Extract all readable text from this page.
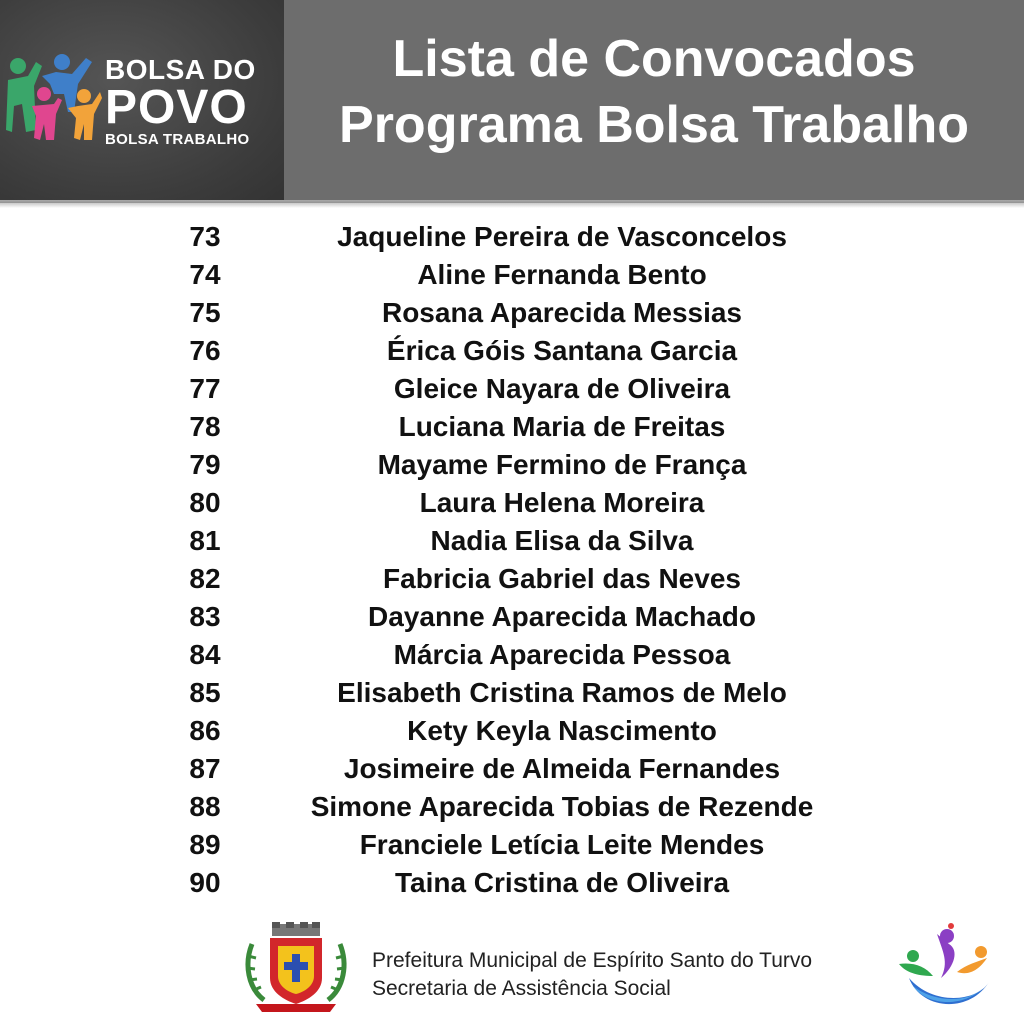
BOLSA DO
POVO
BOLSA TRABALHO
Lista de Convocados
Programa Bolsa Trabalho
73	Jaqueline Pereira de Vasconcelos
74	Aline Fernanda Bento
75	Rosana Aparecida Messias
76	Érica Góis Santana Garcia
77	Gleice Nayara de Oliveira
78	Luciana Maria de Freitas
79	Mayame Fermino de França
80	Laura Helena Moreira
81	Nadia Elisa da Silva
82	Fabricia Gabriel das Neves
83	Dayanne Aparecida Machado
84	Márcia Aparecida Pessoa
85	Elisabeth Cristina Ramos de Melo
86	Kety Keyla Nascimento
87	Josimeire de Almeida Fernandes
88	Simone Aparecida Tobias de Rezende
89	Franciele Letícia Leite Mendes
90	Taina Cristina de Oliveira
Prefeitura Municipal de Espírito Santo do Turvo
Secretaria de Assistência Social
